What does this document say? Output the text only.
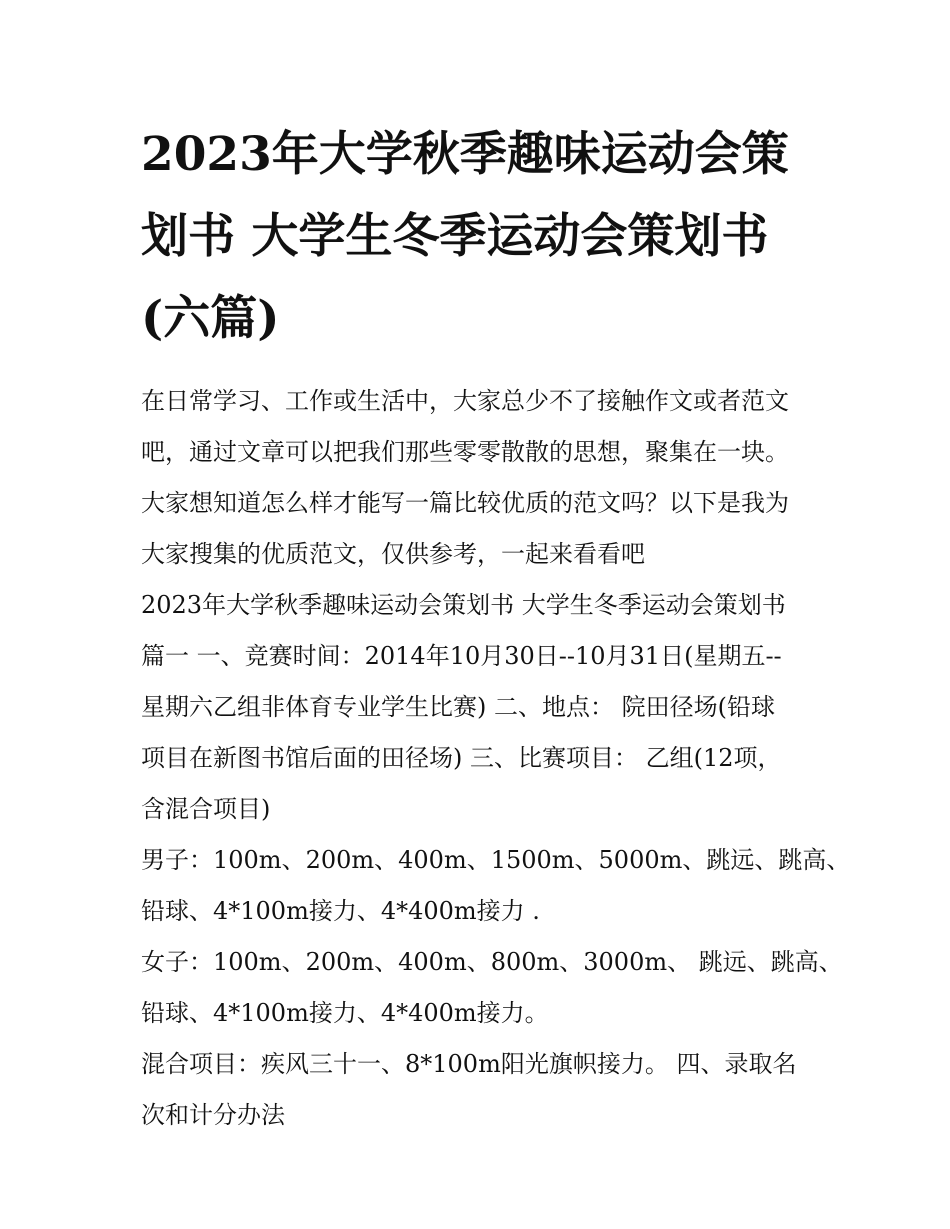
2023年大学秋季趣味运动会策
划书 大学生冬季运动会策划书
(六篇)

在日常学习、工作或生活中，大家总少不了接触作文或者范文
吧，通过文章可以把我们那些零零散散的思想，聚集在一块。
大家想知道怎么样才能写一篇比较优质的范文吗？以下是我为
大家搜集的优质范文，仅供参考，一起来看看吧

2023年大学秋季趣味运动会策划书 大学生冬季运动会策划书
篇一 一、竞赛时间：2014年10月30日--10月31日(星期五--
星期六乙组非体育专业学生比赛) 二、地点： 院田径场(铅球
项目在新图书馆后面的田径场) 三、比赛项目： 乙组(12项，
含混合项目)

男子：100m、200m、400m、1500m、5000m、跳远、跳高、
铅球、4*100m接力、4*400m接力 .

女子：100m、200m、400m、800m、3000m、 跳远、跳高、
铅球、4*100m接力、4*400m接力。

混合项目：疾风三十一、8*100m阳光旗帜接力。 四、录取名
次和计分办法
